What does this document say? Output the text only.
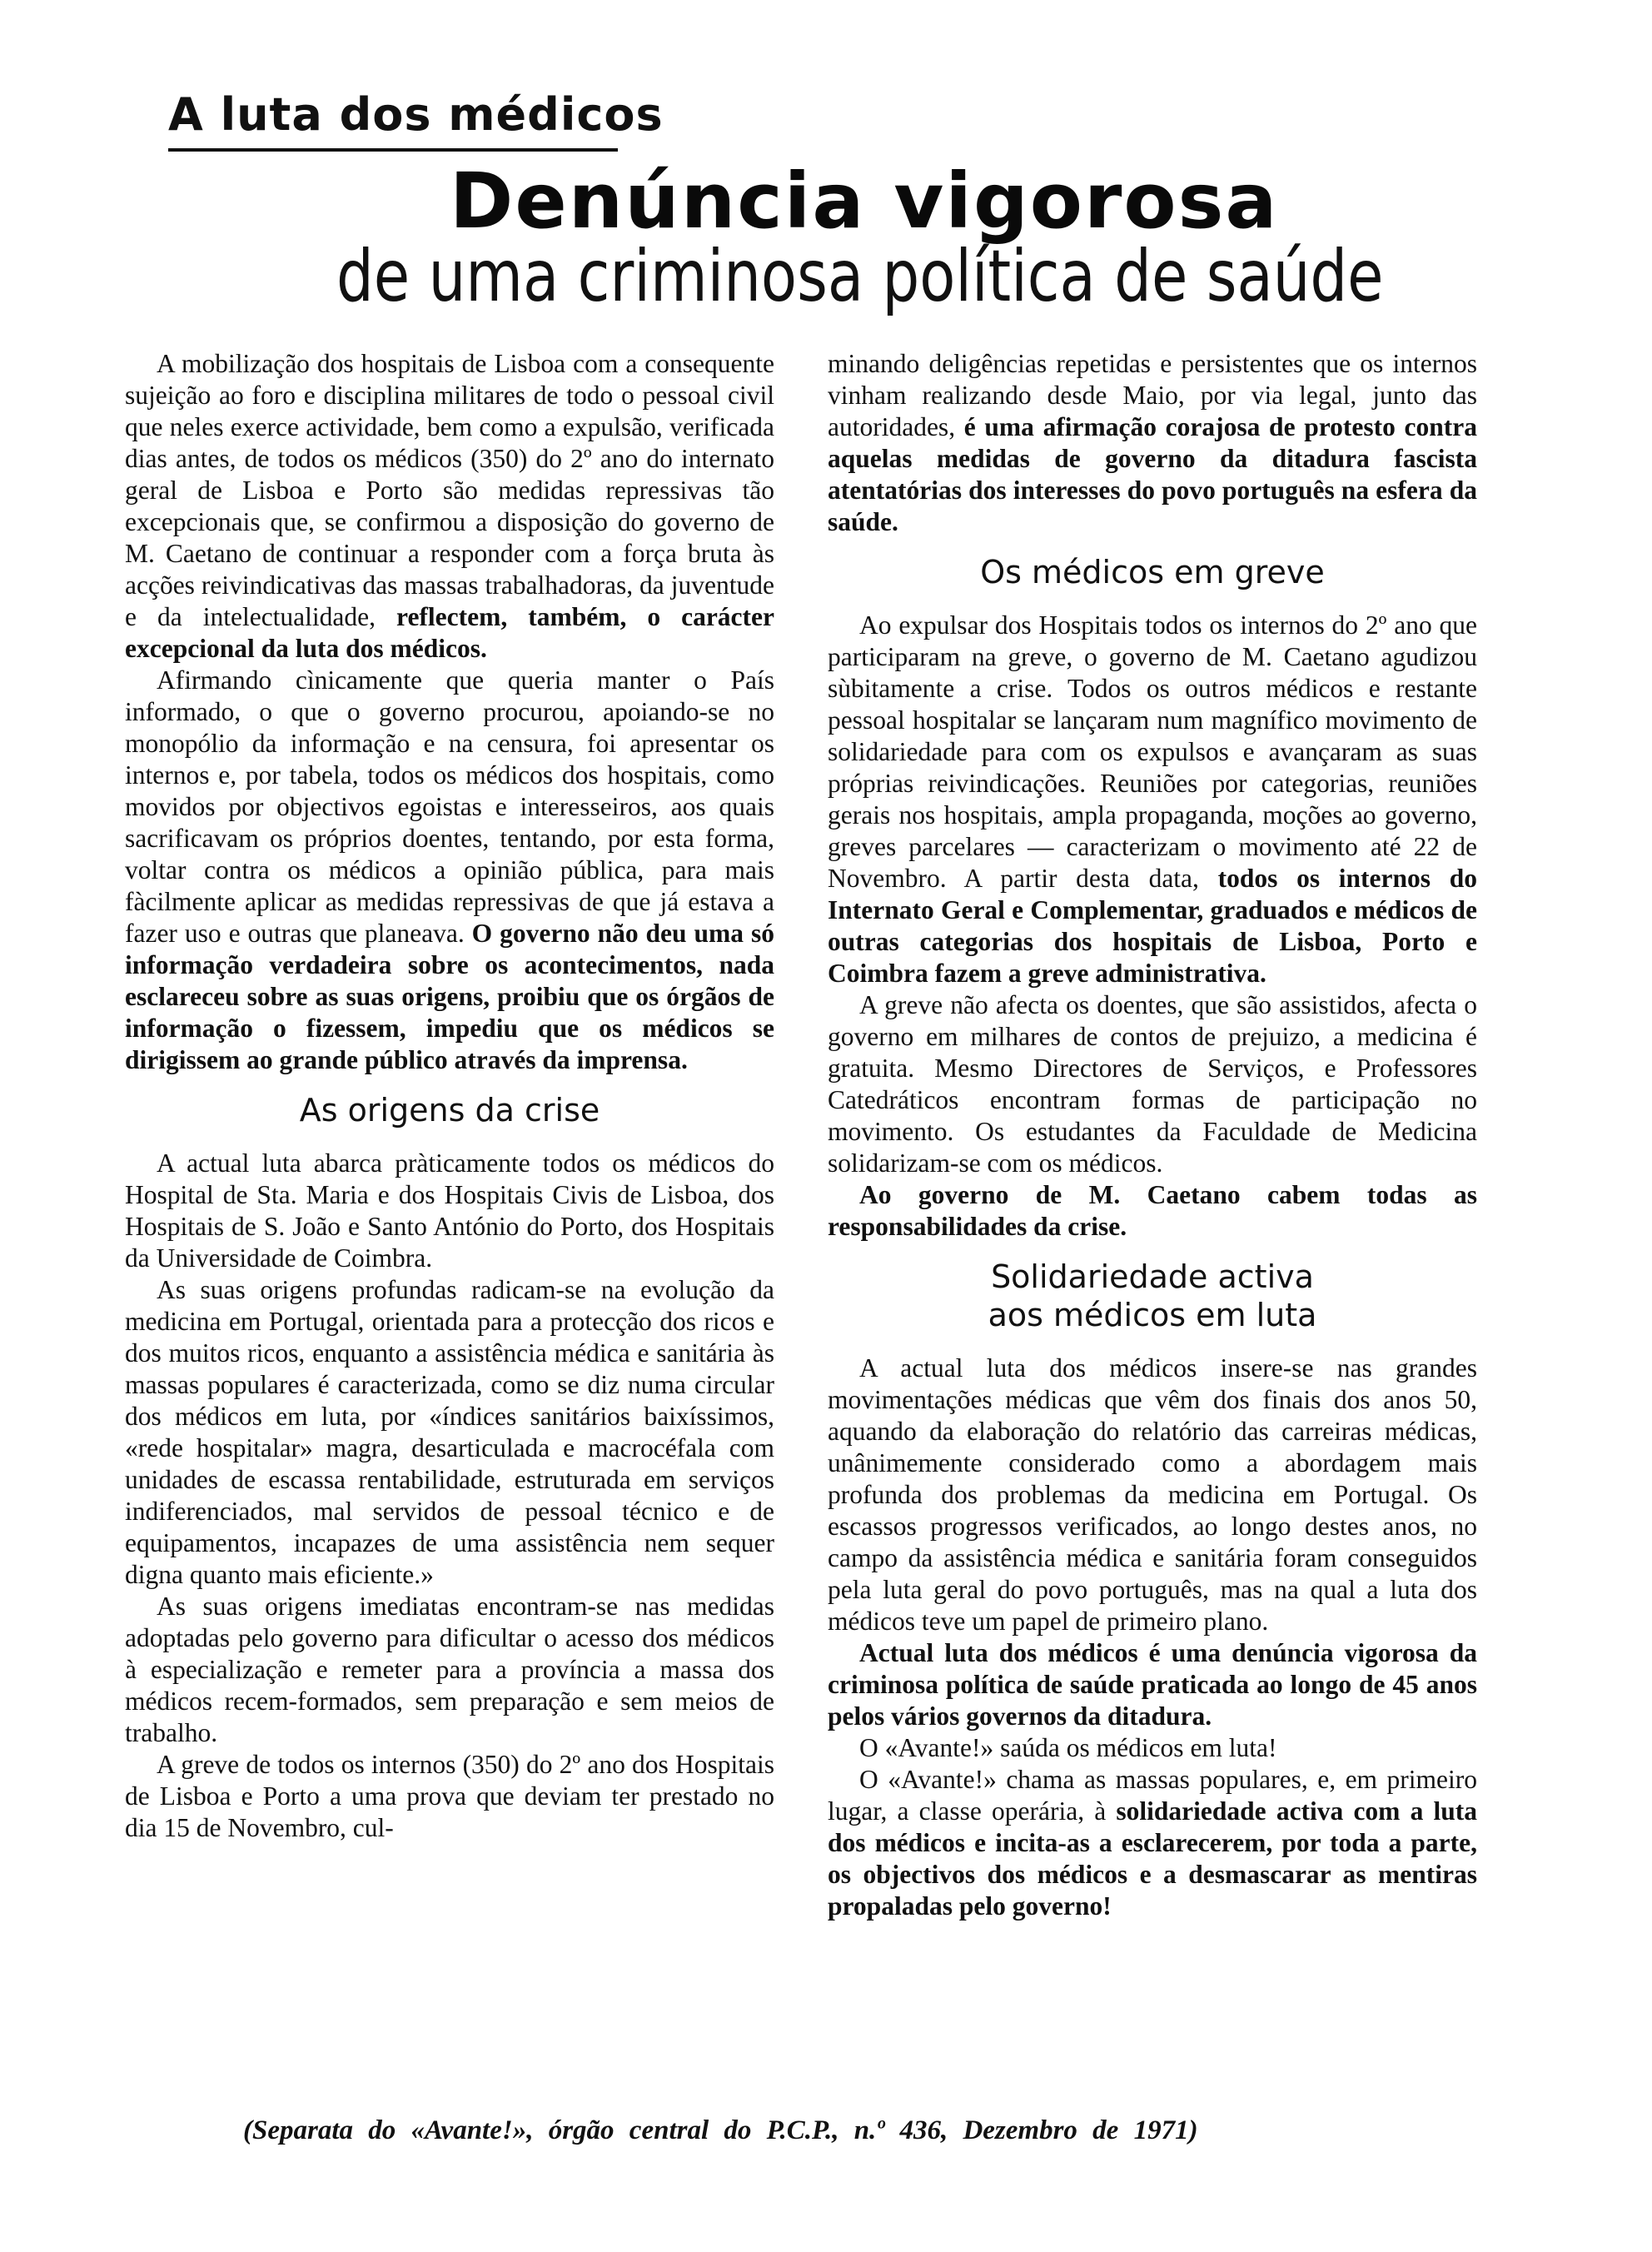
A luta dos médicos
Denúncia vigorosa
de uma criminosa política de saúde

A mobilização dos hospitais de Lisboa com a consequente sujeição ao foro e disciplina militares de todo o pessoal civil que neles exerce actividade, bem como a expulsão, verificada dias antes, de todos os médicos (350) do 2º ano do internato geral de Lisboa e Porto são medidas repressivas tão excepcionais que, se confirmou a disposição do governo de M. Caetano de continuar a responder com a força bruta às acções reivindicativas das massas trabalhadoras, da juventude e da intelectualidade, reflectem, também, o carácter excepcional da luta dos médicos.

Afirmando cìnicamente que queria manter o País informado, o que o governo procurou, apoiando-se no monopólio da informação e na censura, foi apresentar os internos e, por tabela, todos os médicos dos hospitais, como movidos por objectivos egoistas e interesseiros, aos quais sacrificavam os próprios doentes, tentando, por esta forma, voltar contra os médicos a opinião pública, para mais fàcilmente aplicar as medidas repressivas de que já estava a fazer uso e outras que planeava. O governo não deu uma só informação verdadeira sobre os acontecimentos, nada esclareceu sobre as suas origens, proibiu que os órgãos de informação o fizessem, impediu que os médicos se dirigissem ao grande público através da imprensa.

As origens da crise

A actual luta abarca pràticamente todos os médicos do Hospital de Sta. Maria e dos Hospitais Civis de Lisboa, dos Hospitais de S. João e Santo António do Porto, dos Hospitais da Universidade de Coimbra.

As suas origens profundas radicam-se na evolução da medicina em Portugal, orientada para a protecção dos ricos e dos muitos ricos, enquanto a assistência médica e sanitária às massas populares é caracterizada, como se diz numa circular dos médicos em luta, por «índices sanitários baixíssimos, «rede hospitalar» magra, desarticulada e macrocéfala com unidades de escassa rentabilidade, estruturada em serviços indiferenciados, mal servidos de pessoal técnico e de equipamentos, incapazes de uma assistência nem sequer digna quanto mais eficiente.»

As suas origens imediatas encontram-se nas medidas adoptadas pelo governo para dificultar o acesso dos médicos à especialização e remeter para a província a massa dos médicos recem-formados, sem preparação e sem meios de trabalho.

A greve de todos os internos (350) do 2º ano dos Hospitais de Lisboa e Porto a uma prova que deviam ter prestado no dia 15 de Novembro, cul-

minando deligências repetidas e persistentes que os internos vinham realizando desde Maio, por via legal, junto das autoridades, é uma afirmação corajosa de protesto contra aquelas medidas de governo da ditadura fascista atentatórias dos interesses do povo português na esfera da saúde.

Os médicos em greve

Ao expulsar dos Hospitais todos os internos do 2º ano que participaram na greve, o governo de M. Caetano agudizou sùbitamente a crise. Todos os outros médicos e restante pessoal hospitalar se lançaram num magnífico movimento de solidariedade para com os expulsos e avançaram as suas próprias reivindicações. Reuniões por categorias, reuniões gerais nos hospitais, ampla propaganda, moções ao governo, greves parcelares — caracterizam o movimento até 22 de Novembro. A partir desta data, todos os internos do Internato Geral e Complementar, graduados e médicos de outras categorias dos hospitais de Lisboa, Porto e Coimbra fazem a greve administrativa.

A greve não afecta os doentes, que são assistidos, afecta o governo em milhares de contos de prejuizo, a medicina é gratuita. Mesmo Directores de Serviços, e Professores Catedráticos encontram formas de participação no movimento. Os estudantes da Faculdade de Medicina solidarizam-se com os médicos.

Ao governo de M. Caetano cabem todas as responsabilidades da crise.

Solidariedade activa
aos médicos em luta

A actual luta dos médicos insere-se nas grandes movimentações médicas que vêm dos finais dos anos 50, aquando da elaboração do relatório das carreiras médicas, unânimemente considerado como a abordagem mais profunda dos problemas da medicina em Portugal. Os escassos progressos verificados, ao longo destes anos, no campo da assistência médica e sanitária foram conseguidos pela luta geral do povo português, mas na qual a luta dos médicos teve um papel de primeiro plano.

Actual luta dos médicos é uma denúncia vigorosa da criminosa política de saúde praticada ao longo de 45 anos pelos vários governos da ditadura.

O «Avante!» saúda os médicos em luta!

O «Avante!» chama as massas populares, e, em primeiro lugar, a classe operária, à solidariedade activa com a luta dos médicos e incita-as a esclarecerem, por toda a parte, os objectivos dos médicos e a desmascarar as mentiras propaladas pelo governo!

(Separata do «Avante!», órgão central do P.C.P., n.º 436, Dezembro de 1971)
